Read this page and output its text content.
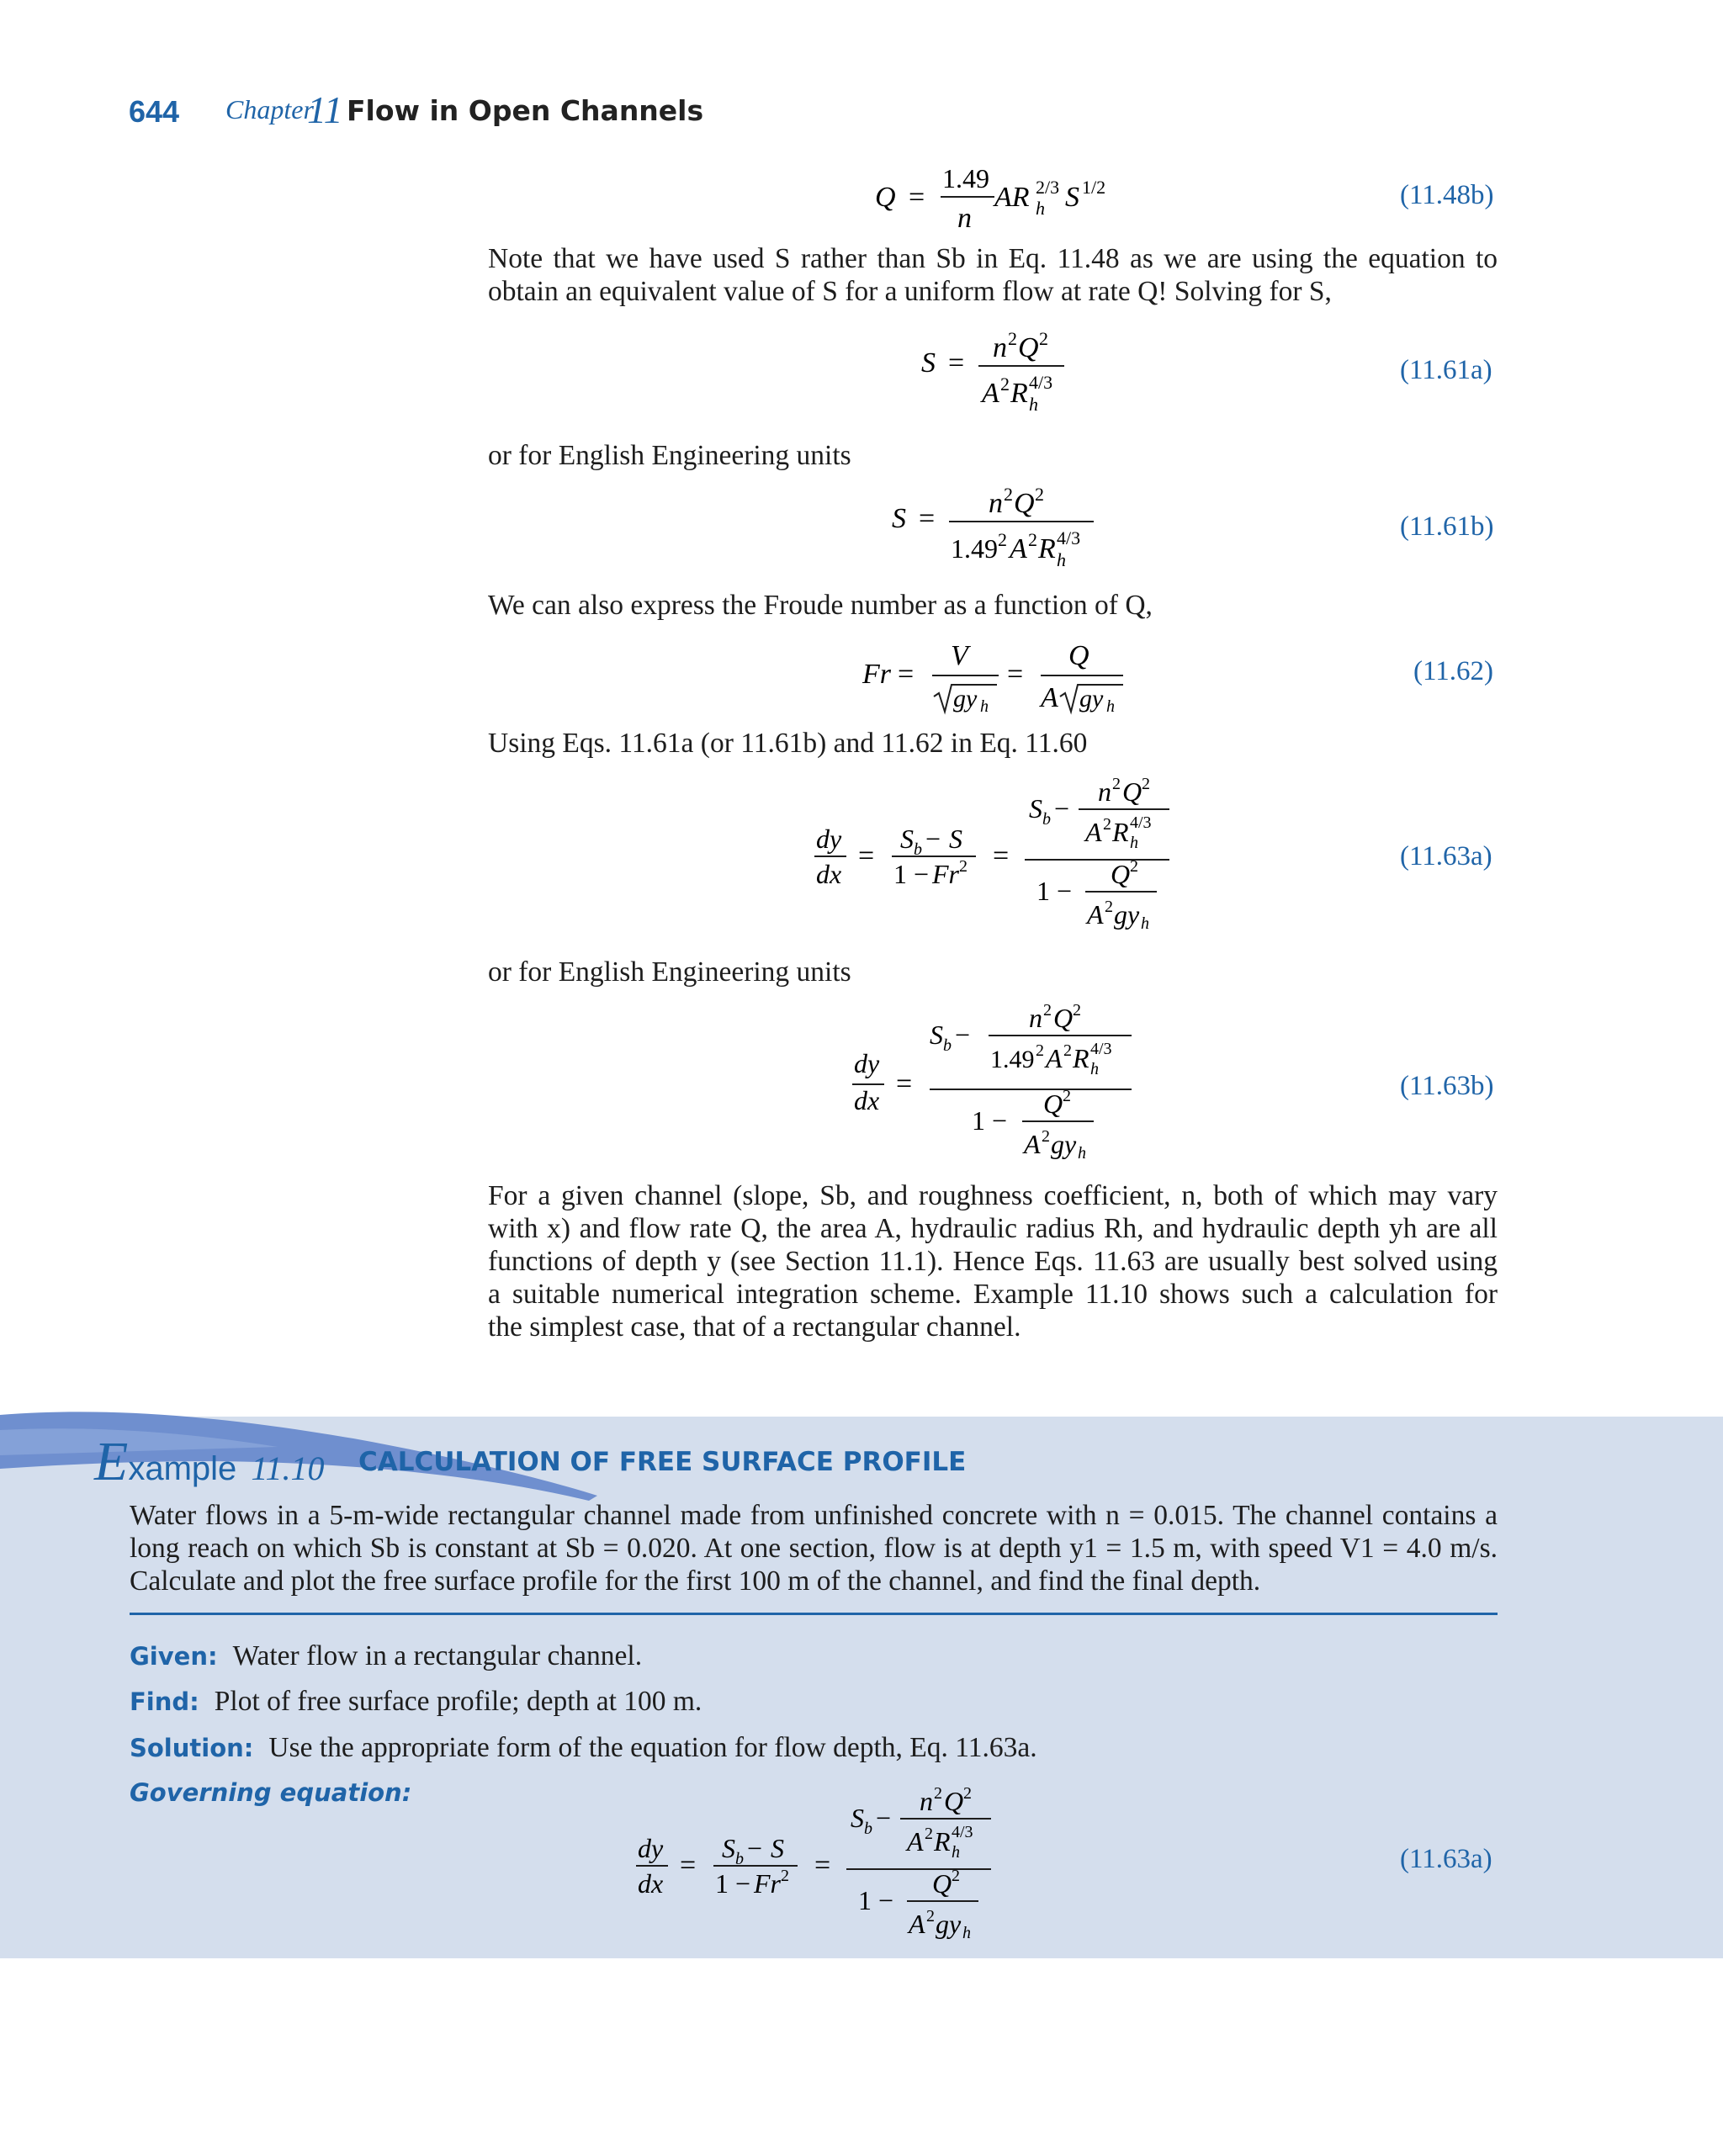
644 Chapter
11 Flow in Open Channels
Q =
1.49
n
AR 2/3
h S 1/2	(11.48b)
Note that we have used S rather than Sb in Eq. 11.48 as we are using the equation to
obtain an equivalent value of S for a uniform flow at rate Q! Solving for S,
S = n 2 Q 2
A 2 R 4/3
h
(11.61a)
or for English Engineering units
S = n 2 Q 2
1.49 2 A 2 R 4/3
h
(11.61b)
We can also express the Froude number as a function of Q,
Fr =
V
gy h
=
Q
A gy h
(11.62)
Using Eqs. 11.61a (or 11.61b) and 11.62 in Eq. 11.60
dy
dx
=
S b − S
1 − Fr 2 =
S b −
n 2 Q 2
A 2 R 4/3
h
1 −
Q 2
A 2 gy h
(11.63a)
or for English Engineering units
dy
dx
=
S b −
n 2 Q 2
1.49 2 A 2 R 4/3
h
1 −
Q 2
A 2 gy h
(11.63b)
For a given channel (slope, Sb, and roughness coefficient, n, both of which may vary
with x) and flow rate Q, the area A, hydraulic radius Rh, and hydraulic depth yh are all
functions of depth y (see Section 11.1). Hence Eqs. 11.63 are usually best solved using
a suitable numerical integration scheme. Example 11.10 shows such a calculation for
the simplest case, that of a rectangular channel.
Example 11.10 CALCULATION OF FREE SURFACE PROFILE
Water flows in a 5-m-wide rectangular channel made from unfinished concrete with n = 0.015. The channel contains a
long reach on which Sb is constant at Sb = 0.020. At one section, flow is at depth y1 = 1.5 m, with speed V1 = 4.0 m/s.
Calculate and plot the free surface profile for the first 100 m of the channel, and find the final depth.
Given: Water flow in a rectangular channel.
Find: Plot of free surface profile; depth at 100 m.
Solution: Use the appropriate form of the equation for flow depth, Eq. 11.63a.
Governing equation:
dy
dx
=
S b − S
1 − Fr 2 =
S b −
n 2 Q 2
A 2 R 4/3
h
1 −
Q 2
A 2 gy h
(11.63a)
